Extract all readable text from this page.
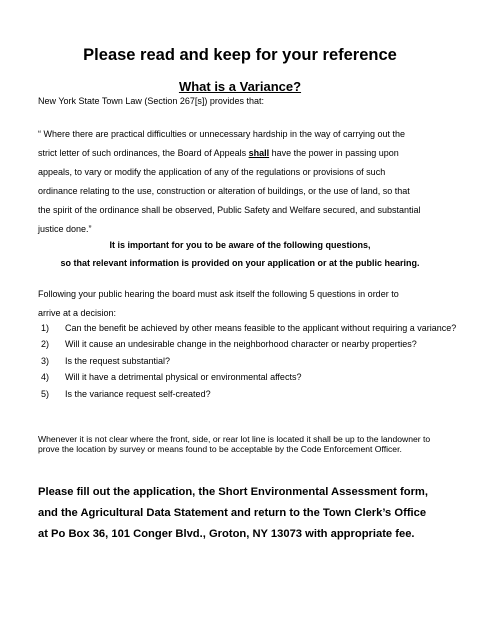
Please read and keep for your reference
What is a Variance?
New York State Town Law (Section 267[s]) provides that:
“ Where there are practical difficulties or unnecessary hardship in the way of carrying out the
strict letter of such ordinances, the Board of Appeals shall have the power in passing upon
appeals, to vary or modify the application of any of the regulations or provisions of such
ordinance relating to the use, construction or alteration of buildings, or the use of land, so that
the spirit of the ordinance shall be observed, Public Safety and Welfare secured, and substantial
justice done.”
It is important for you to be aware of the following questions,
so that relevant information is provided on your application or at the public hearing.
Following your public hearing the board must ask itself the following 5 questions in order to
arrive at a decision:
1) Can the benefit be achieved by other means feasible to the applicant without requiring a variance?
2) Will it cause an undesirable change in the neighborhood character or nearby properties?
3) Is the request substantial?
4) Will it have a detrimental physical or environmental affects?
5) Is the variance request self-created?
Whenever it is not clear where the front, side, or rear lot line is located it shall be up to the landowner to prove the location by survey or means found to be acceptable by the Code Enforcement Officer.
Please fill out the application, the Short Environmental Assessment form,
and the Agricultural Data Statement and return to the Town Clerk’s Office
at Po Box 36, 101 Conger Blvd., Groton, NY 13073 with appropriate fee.
